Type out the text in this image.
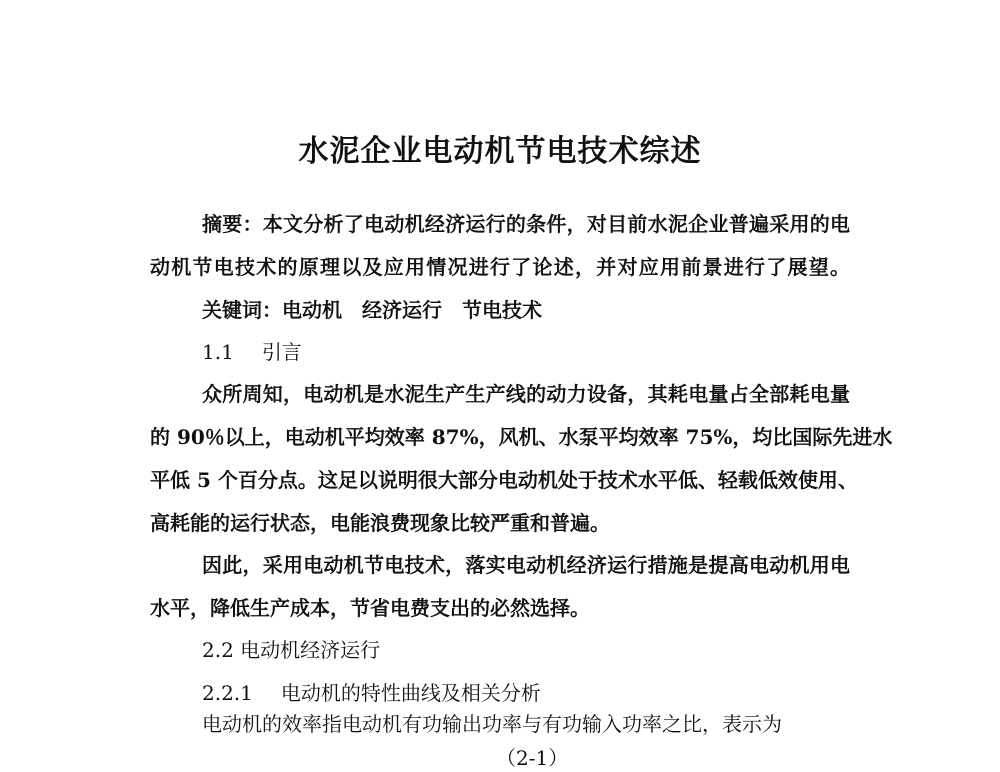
水泥企业电动机节电技术综述
摘要：本文分析了电动机经济运行的条件，对目前水泥企业普遍采用的电
动机节电技术的原理以及应用情况进行了论述，并对应用前景进行了展望。
关键词：电动机 经济运行 节电技术
1.1 引言
众所周知，电动机是水泥生产生产线的动力设备，其耗电量占全部耗电量
的 90％以上，电动机平均效率 87%，风机、水泵平均效率 75%，均比国际先进水
平低 5 个百分点。这足以说明很大部分电动机处于技术水平低、轻载低效使用、
高耗能的运行状态，电能浪费现象比较严重和普遍。
因此，采用电动机节电技术，落实电动机经济运行措施是提高电动机用电
水平，降低生产成本，节省电费支出的必然选择。
2.2 电动机经济运行
2.2.1 电动机的特性曲线及相关分析
电动机的效率指电动机有功输出功率与有功输入功率之比，表示为
（2-1）
